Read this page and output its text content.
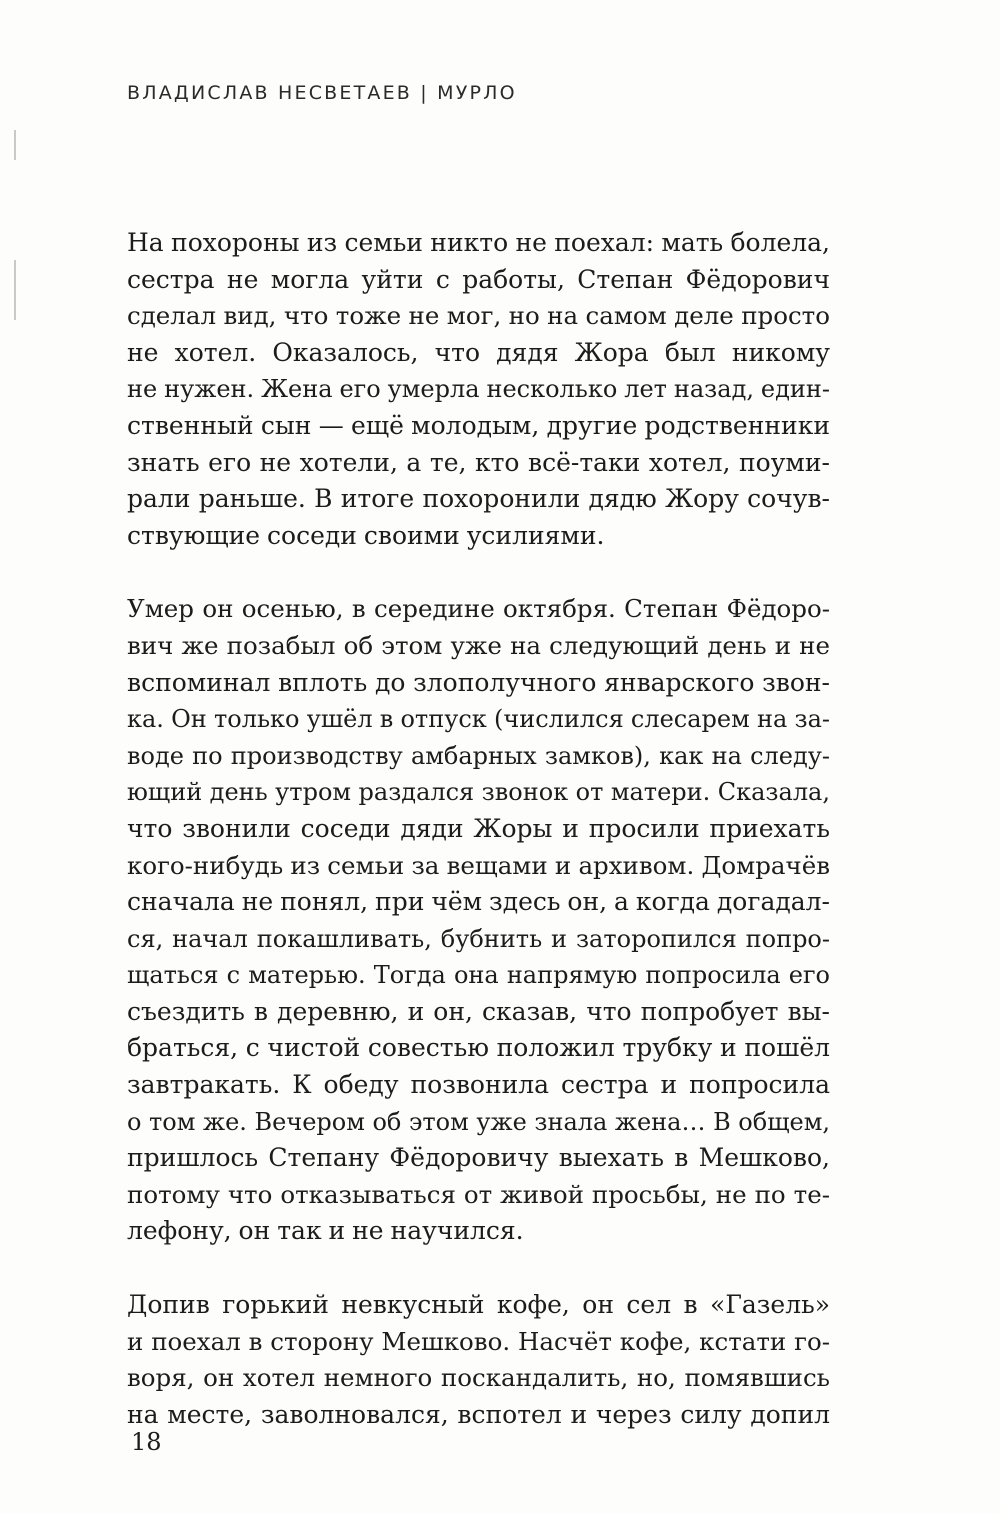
ВЛАДИСЛАВ НЕСВЕТАЕВ | МУРЛО
На похороны из семьи никто не поехал: мать болела,
сестра не могла уйти с работы, Степан Фёдорович
сделал вид, что тоже не мог, но на самом деле просто
не хотел. Оказалось, что дядя Жора был никому
не нужен. Жена его умерла несколько лет назад, един-
ственный сын — ещё молодым, другие родственники
знать его не хотели, а те, кто всё-таки хотел, поуми-
рали раньше. В итоге похоронили дядю Жору сочув-
ствующие соседи своими усилиями.
Умер он осенью, в середине октября. Степан Фёдоро-
вич же позабыл об этом уже на следующий день и не
вспоминал вплоть до злополучного январского звон-
ка. Он только ушёл в отпуск (числился слесарем на за-
воде по производству амбарных замков), как на следу-
ющий день утром раздался звонок от матери. Сказала,
что звонили соседи дяди Жоры и просили приехать
кого-нибудь из семьи за вещами и архивом. Домрачёв
сначала не понял, при чём здесь он, а когда догадал-
ся, начал покашливать, бубнить и заторопился попро-
щаться с матерью. Тогда она напрямую попросила его
съездить в деревню, и он, сказав, что попробует вы-
браться, с чистой совестью положил трубку и пошёл
завтракать. К обеду позвонила сестра и попросила
о том же. Вечером об этом уже знала жена… В общем,
пришлось Степану Фёдоровичу выехать в Мешково,
потому что отказываться от живой просьбы, не по те-
лефону, он так и не научился.
Допив горький невкусный кофе, он сел в «Газель»
и поехал в сторону Мешково. Насчёт кофе, кстати го-
воря, он хотел немного поскандалить, но, помявшись
на месте, заволновался, вспотел и через силу допил
18
